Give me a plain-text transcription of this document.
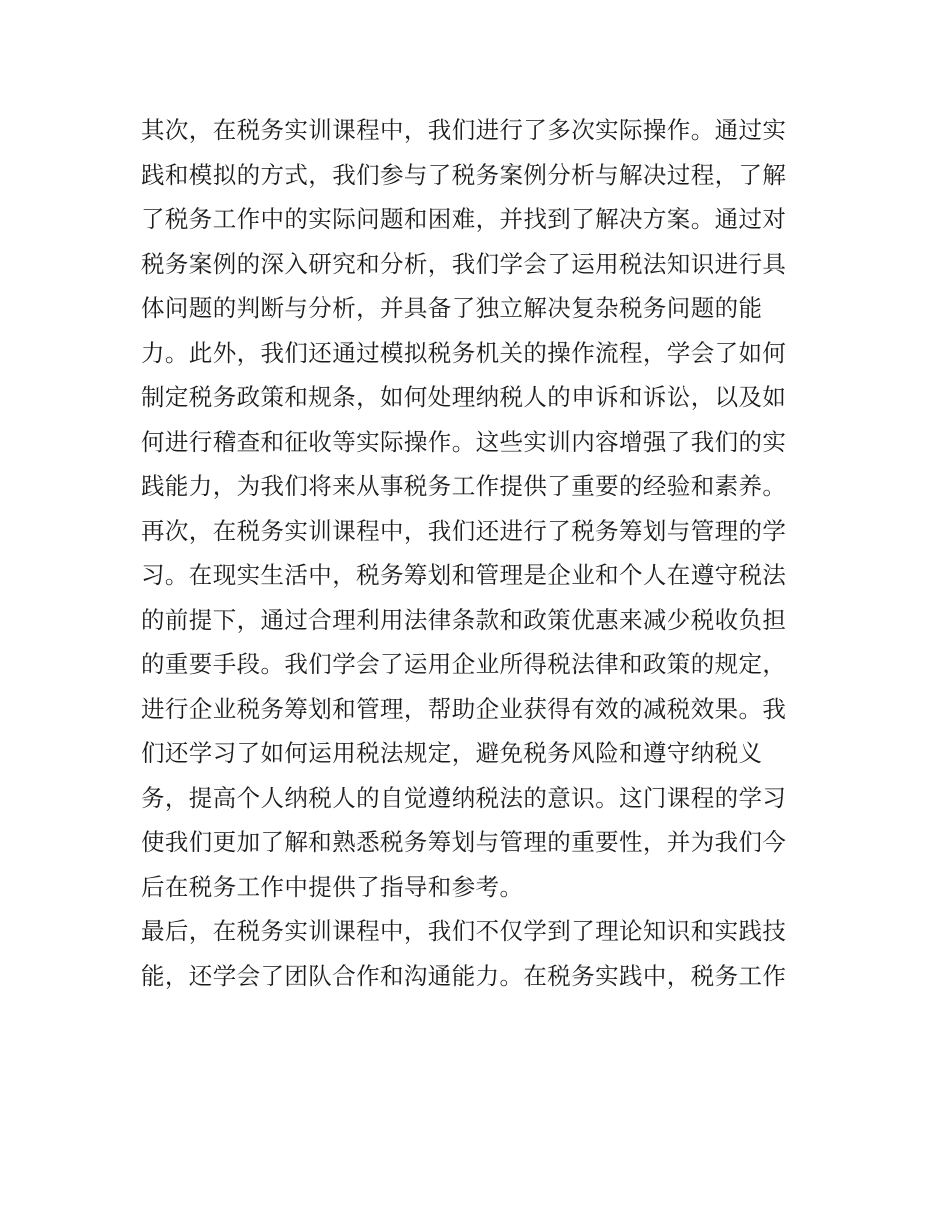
其次，在税务实训课程中，我们进行了多次实际操作。通过实
践和模拟的方式，我们参与了税务案例分析与解决过程，了解
了税务工作中的实际问题和困难，并找到了解决方案。通过对
税务案例的深入研究和分析，我们学会了运用税法知识进行具
体问题的判断与分析，并具备了独立解决复杂税务问题的能
力。此外，我们还通过模拟税务机关的操作流程，学会了如何
制定税务政策和规条，如何处理纳税人的申诉和诉讼，以及如
何进行稽查和征收等实际操作。这些实训内容增强了我们的实
践能力，为我们将来从事税务工作提供了重要的经验和素养。
再次，在税务实训课程中，我们还进行了税务筹划与管理的学
习。在现实生活中，税务筹划和管理是企业和个人在遵守税法
的前提下，通过合理利用法律条款和政策优惠来减少税收负担
的重要手段。我们学会了运用企业所得税法律和政策的规定，
进行企业税务筹划和管理，帮助企业获得有效的减税效果。我
们还学习了如何运用税法规定，避免税务风险和遵守纳税义
务，提高个人纳税人的自觉遵纳税法的意识。这门课程的学习
使我们更加了解和熟悉税务筹划与管理的重要性，并为我们今
后在税务工作中提供了指导和参考。
最后，在税务实训课程中，我们不仅学到了理论知识和实践技
能，还学会了团队合作和沟通能力。在税务实践中，税务工作
